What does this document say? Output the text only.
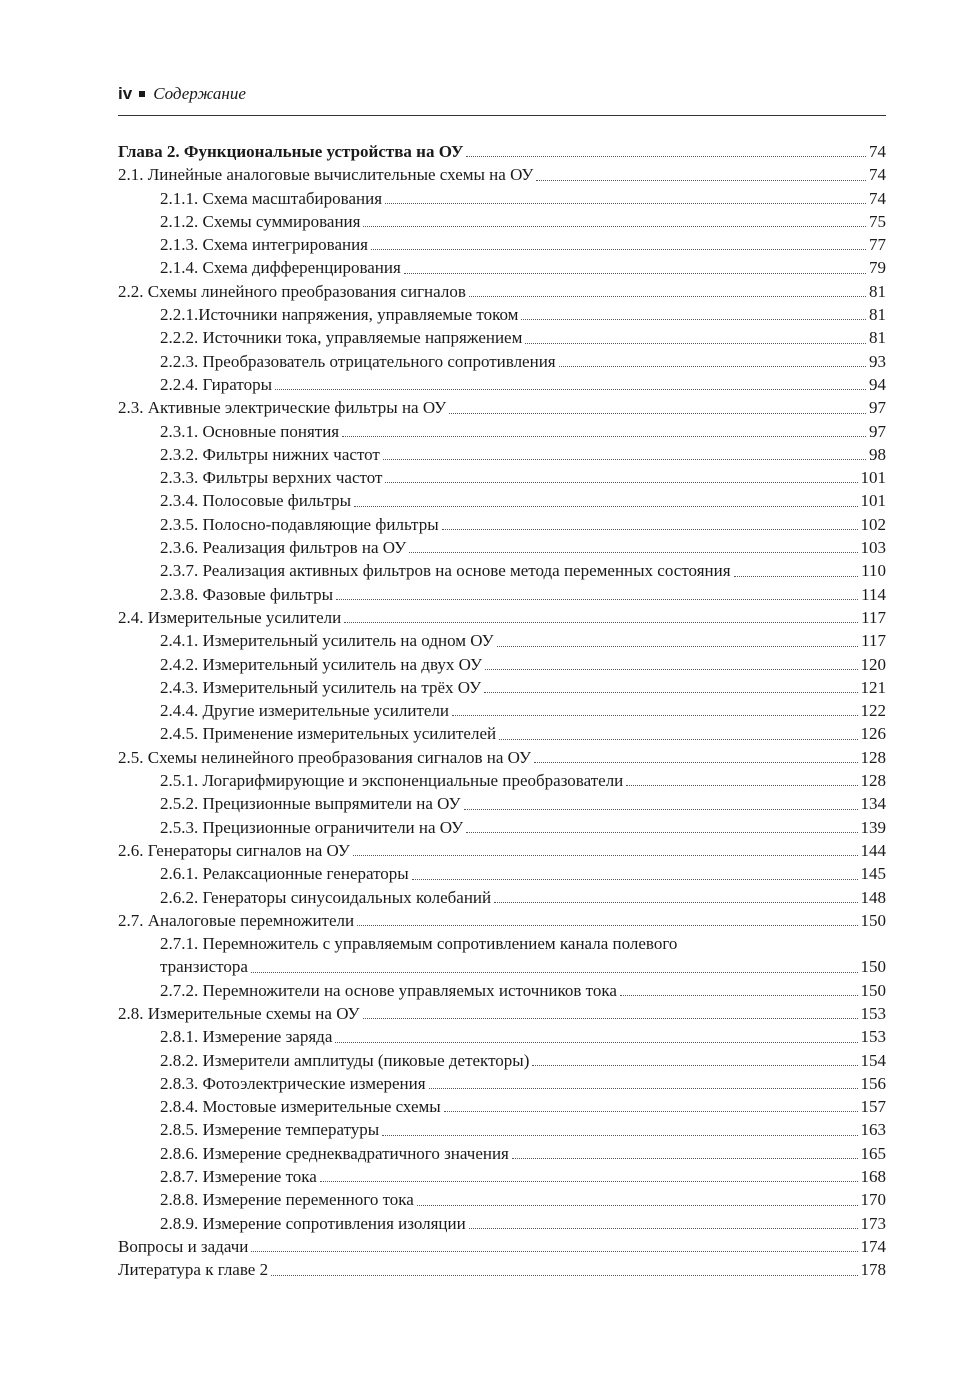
iv Содержание
Глава 2. Функциональные устройства на ОУ	74
2.1. Линейные аналоговые вычислительные схемы на ОУ	74
2.1.1. Схема масштабирования	74
2.1.2. Схемы суммирования	75
2.1.3. Схема интегрирования	77
2.1.4. Схема дифференцирования	79
2.2. Схемы линейного преобразования сигналов	81
2.2.1.Источники напряжения, управляемые током	81
2.2.2. Источники тока, управляемые напряжением	81
2.2.3. Преобразователь отрицательного сопротивления	93
2.2.4. Гираторы	94
2.3. Активные электрические фильтры на ОУ	97
2.3.1. Основные понятия	97
2.3.2. Фильтры нижних частот	98
2.3.3. Фильтры верхних частот	101
2.3.4. Полосовые фильтры	101
2.3.5. Полосно-подавляющие фильтры	102
2.3.6. Реализация фильтров на ОУ	103
2.3.7. Реализация активных фильтров на основе метода переменных состояния	110
2.3.8. Фазовые фильтры	114
2.4. Измерительные усилители	117
2.4.1. Измерительный усилитель на одном ОУ	117
2.4.2. Измерительный усилитель на двух ОУ	120
2.4.3. Измерительный усилитель на трёх ОУ	121
2.4.4. Другие измерительные усилители	122
2.4.5. Применение измерительных усилителей	126
2.5. Схемы нелинейного преобразования сигналов на ОУ	128
2.5.1. Логарифмирующие и экспоненциальные преобразователи	128
2.5.2. Прецизионные выпрямители на ОУ	134
2.5.3. Прецизионные ограничители на ОУ	139
2.6. Генераторы сигналов на ОУ	144
2.6.1. Релаксационные генераторы	145
2.6.2. Генераторы синусоидальных колебаний	148
2.7. Аналоговые перемножители	150
2.7.1. Перемножитель с управляемым сопротивлением канала полевого
транзистора	150
2.7.2. Перемножители на основе управляемых источников тока	150
2.8. Измерительные схемы на ОУ	153
2.8.1. Измерение заряда	153
2.8.2. Измерители амплитуды (пиковые детекторы)	154
2.8.3. Фотоэлектрические измерения	156
2.8.4. Мостовые измерительные схемы	157
2.8.5. Измерение температуры	163
2.8.6. Измерение среднеквадратичного значения	165
2.8.7. Измерение тока	168
2.8.8. Измерение переменного тока	170
2.8.9. Измерение сопротивления изоляции	173
Вопросы и задачи	174
Литература к главе 2	178
